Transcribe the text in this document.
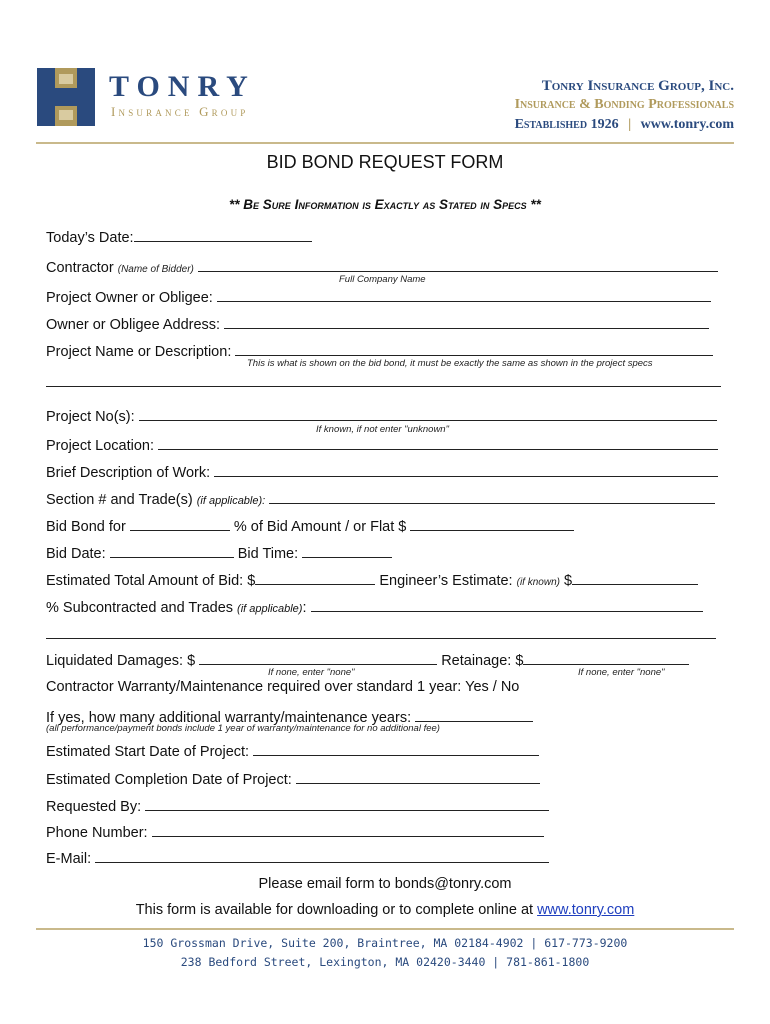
TONRY
Insurance Group
Tonry Insurance Group, Inc.
Insurance & Bonding Professionals
Established 1926 | www.tonry.com
BID BOND REQUEST FORM
** Be Sure Information is Exactly as Stated in Specs **
Today’s Date:
Contractor (Name of Bidder)
Full Company Name
Project Owner or Obligee:
Owner or Obligee Address:
Project Name or Description:
This is what is shown on the bid bond, it must be exactly the same as shown in the project specs
Project No(s):
If known, if not enter "unknown"
Project Location:
Brief Description of Work:
Section # and Trade(s) (if applicable):
Bid Bond for	% of Bid Amount / or Flat $
Bid Date:	Bid Time:
Estimated Total Amount of Bid: $	Engineer’s Estimate: (if known) $
% Subcontracted and Trades (if applicable):
Liquidated Damages: $	Retainage: $
If none, enter "none"	If none, enter "none"
Contractor Warranty/Maintenance required over standard 1 year: Yes / No
If yes, how many additional warranty/maintenance years:
(all performance/payment bonds include 1 year of warranty/maintenance for no additional fee)
Estimated Start Date of Project:
Estimated Completion Date of Project:
Requested By:
Phone Number:
E-Mail:
Please email form to bonds@tonry.com
This form is available for downloading or to complete online at www.tonry.com
150 Grossman Drive, Suite 200, Braintree, MA 02184-4902 | 617-773-9200
238 Bedford Street, Lexington, MA 02420-3440 | 781-861-1800
